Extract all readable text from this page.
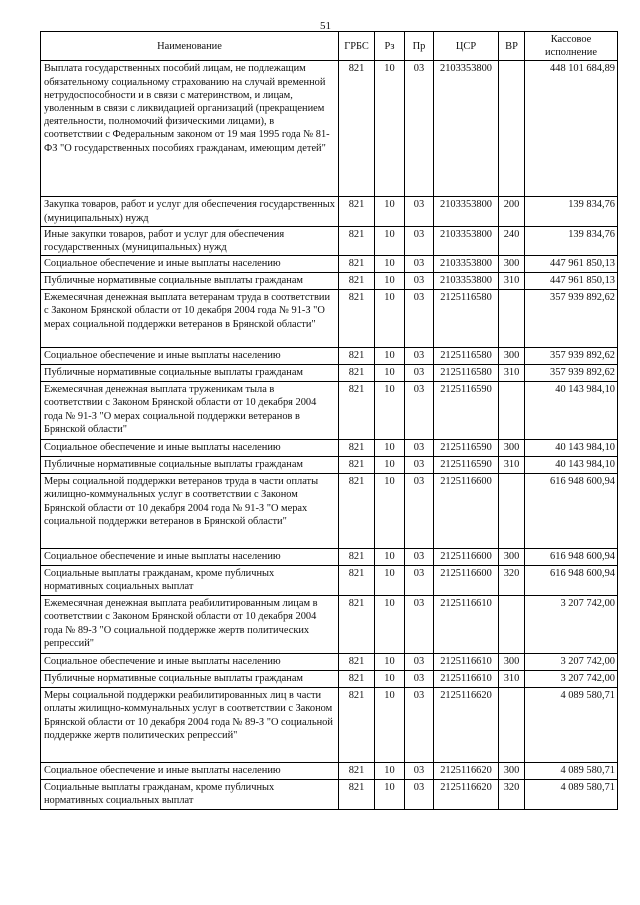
51
Наименование	ГРБС	Рз	Пр	ЦСР	ВР	Кассовое исполнение
Выплата государственных пособий лицам, не подлежащим обязательному социальному страхованию на случай временной нетрудоспособности и в связи с материнством, и лицам, уволенным в связи с ликвидацией организаций (прекращением деятельности, полномочий физическими лицами), в соответствии с Федеральным законом от 19 мая 1995 года № 81-ФЗ "О государственных пособиях гражданам, имеющим детей"	821	10	03	2103353800		448 101 684,89
Закупка товаров, работ и услуг для обеспечения государственных (муниципальных) нужд	821	10	03	2103353800	200	139 834,76
Иные закупки товаров, работ и услуг для обеспечения государственных (муниципальных) нужд	821	10	03	2103353800	240	139 834,76
Социальное обеспечение и иные выплаты населению	821	10	03	2103353800	300	447 961 850,13
Публичные нормативные социальные выплаты гражданам	821	10	03	2103353800	310	447 961 850,13
Ежемесячная денежная выплата ветеранам труда в соответствии с Законом Брянской области от 10 декабря 2004 года № 91-З "О мерах социальной поддержки ветеранов в Брянской области"	821	10	03	2125116580		357 939 892,62
Социальное обеспечение и иные выплаты населению	821	10	03	2125116580	300	357 939 892,62
Публичные нормативные социальные выплаты гражданам	821	10	03	2125116580	310	357 939 892,62
Ежемесячная денежная выплата труженикам тыла в соответствии с Законом Брянской области от 10 декабря 2004 года № 91-З "О мерах социальной поддержки ветеранов в Брянской области"	821	10	03	2125116590		40 143 984,10
Социальное обеспечение и иные выплаты населению	821	10	03	2125116590	300	40 143 984,10
Публичные нормативные социальные выплаты гражданам	821	10	03	2125116590	310	40 143 984,10
Меры социальной поддержки ветеранов труда в части оплаты жилищно-коммунальных услуг в соответствии с Законом Брянской области от 10 декабря 2004 года № 91-З "О мерах социальной поддержки ветеранов в Брянской области"	821	10	03	2125116600		616 948 600,94
Социальное обеспечение и иные выплаты населению	821	10	03	2125116600	300	616 948 600,94
Социальные выплаты гражданам, кроме публичных нормативных социальных выплат	821	10	03	2125116600	320	616 948 600,94
Ежемесячная денежная выплата реабилитированным лицам в соответствии с Законом Брянской области от 10 декабря 2004 года № 89-З "О социальной поддержке жертв политических репрессий"	821	10	03	2125116610		3 207 742,00
Социальное обеспечение и иные выплаты населению	821	10	03	2125116610	300	3 207 742,00
Публичные нормативные социальные выплаты гражданам	821	10	03	2125116610	310	3 207 742,00
Меры социальной поддержки реабилитированных лиц в части оплаты жилищно-коммунальных услуг в соответствии с Законом Брянской области от 10 декабря 2004 года № 89-З "О социальной поддержке жертв политических репрессий"	821	10	03	2125116620		4 089 580,71
Социальное обеспечение и иные выплаты населению	821	10	03	2125116620	300	4 089 580,71
Социальные выплаты гражданам, кроме публичных нормативных социальных выплат	821	10	03	2125116620	320	4 089 580,71
